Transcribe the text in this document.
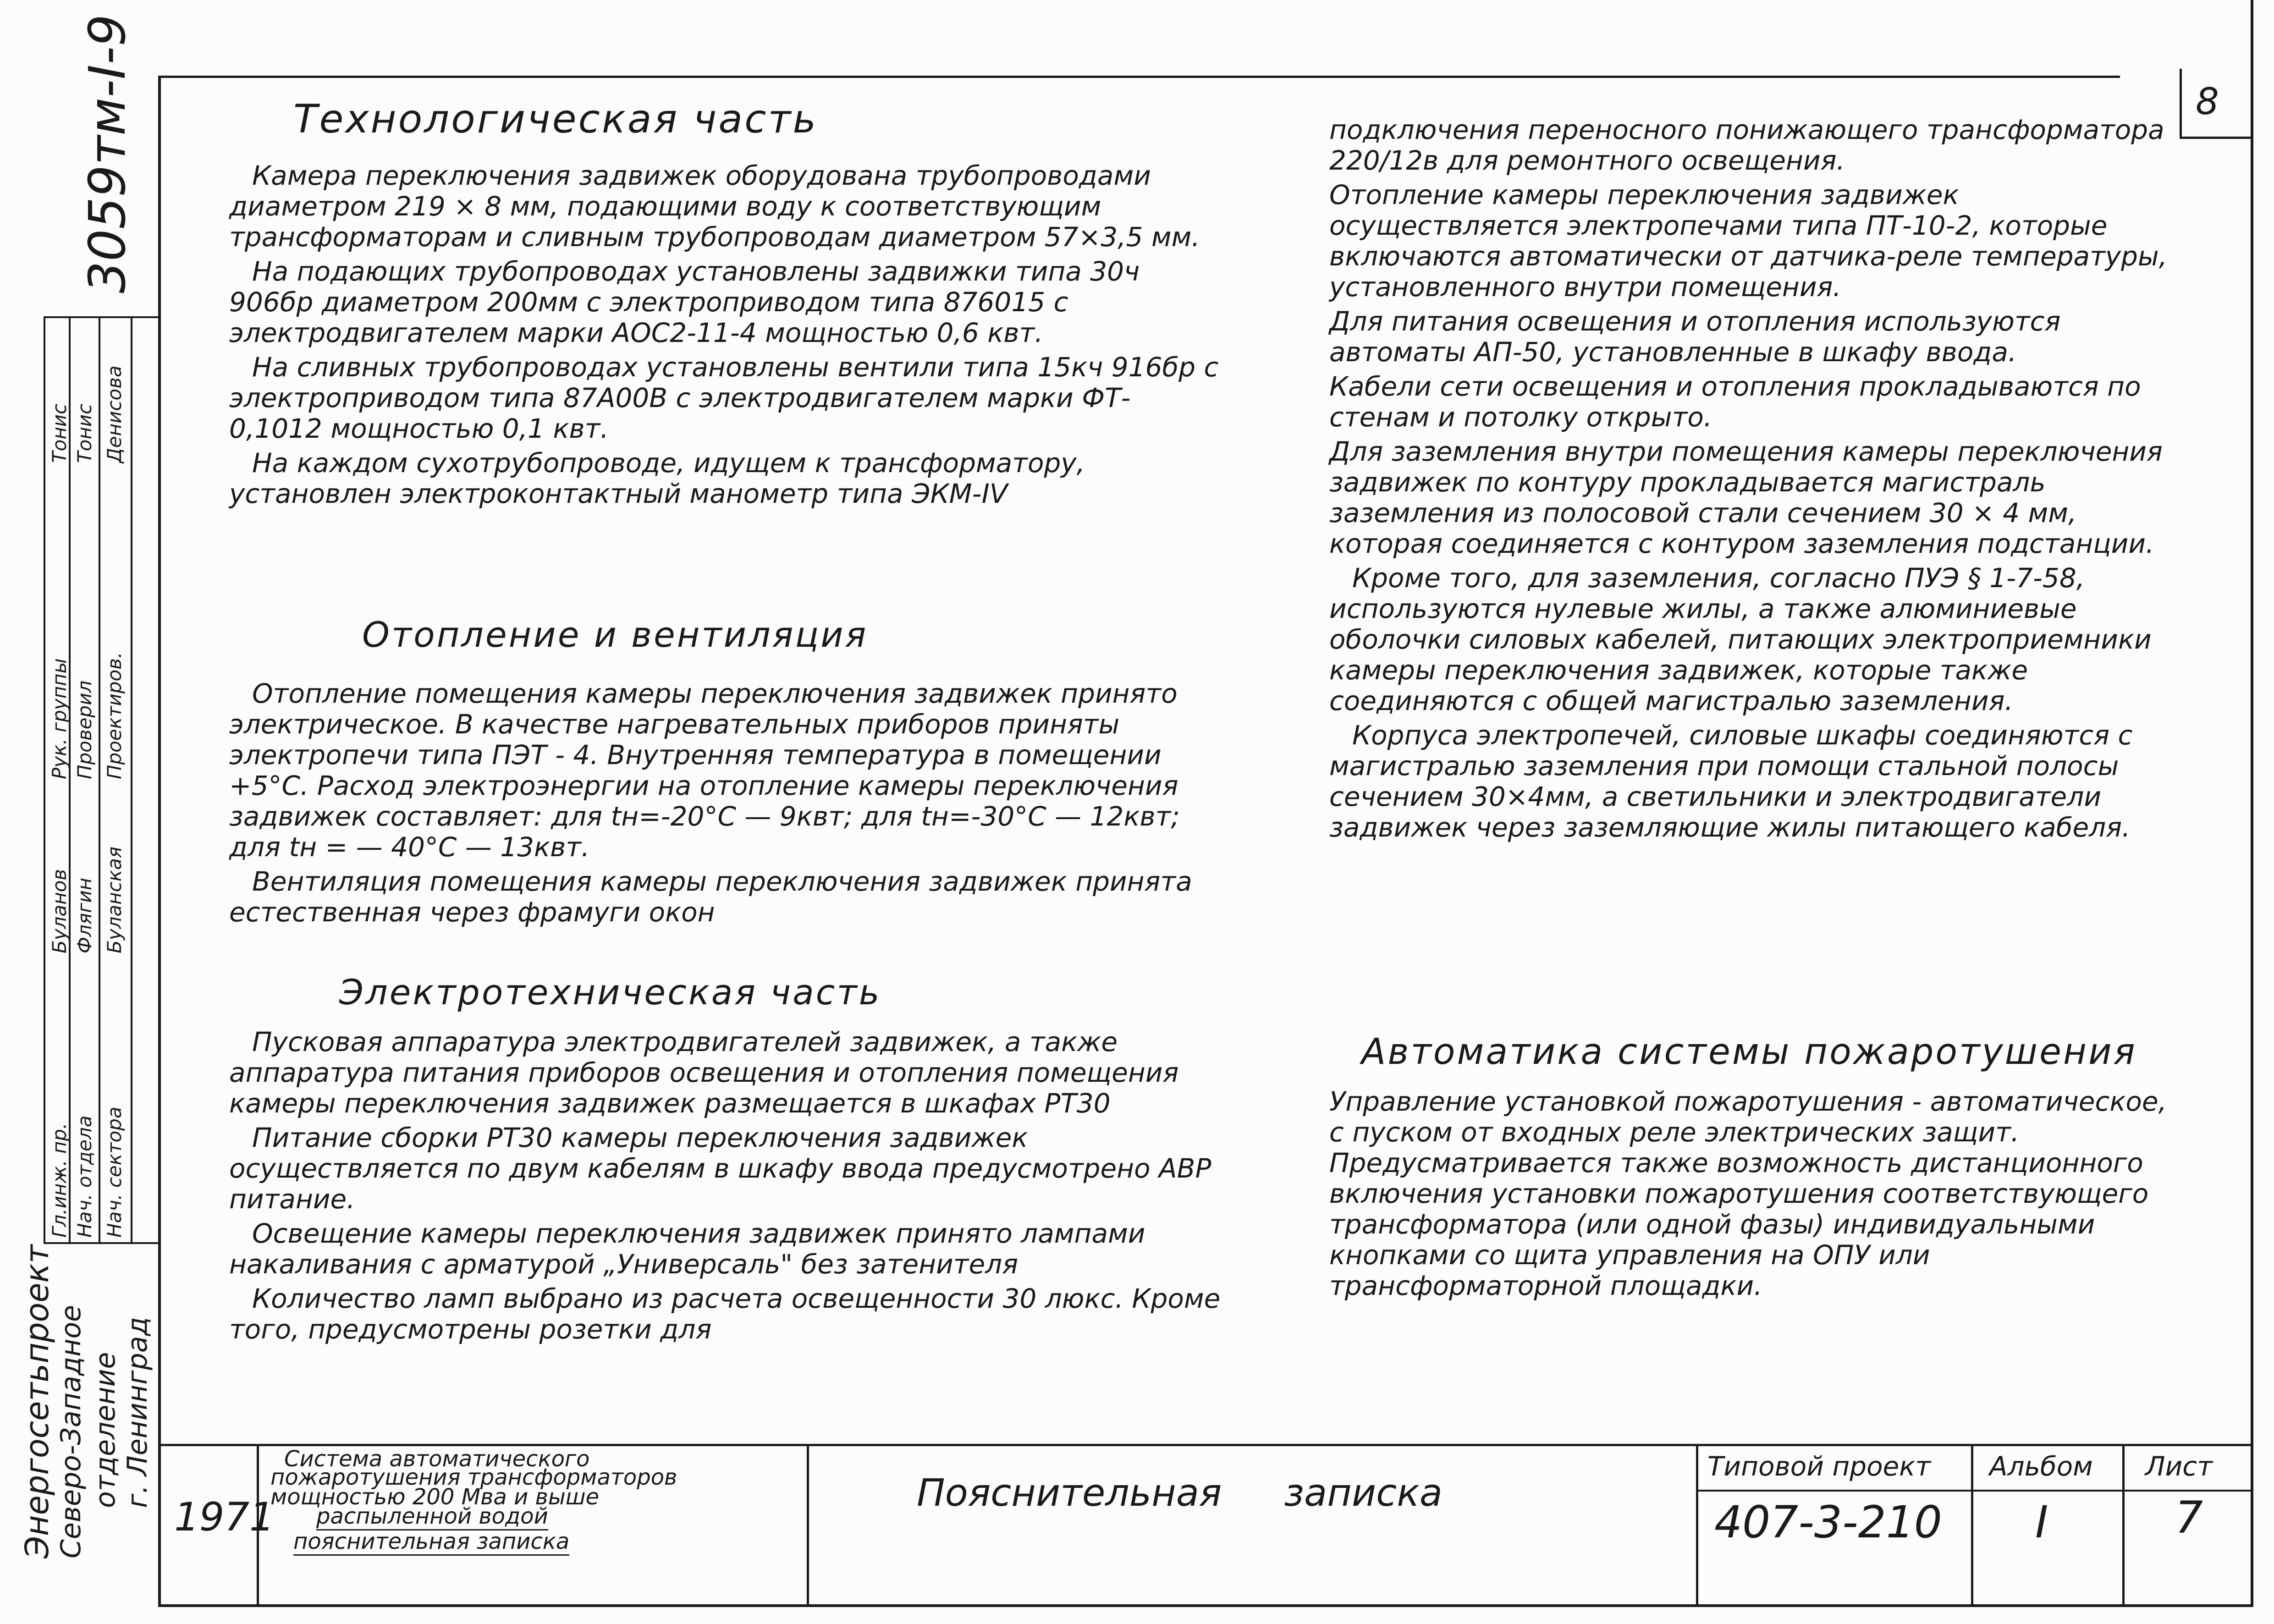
8
3059тм-I-9
Гл.инж. пр. Нач. отдела Нач. сектора
Рук. группы Проверил Проектиров.
Буланов Флягин Буланская
Тонис Тонис Денисова
Энергосетьпроект
Северо-Западное отделение г. Ленинград
Технологическая часть

Камера переключения задвижек оборудована трубопроводами диаметром 219 × 8 мм, подающими воду к соответствующим трансформаторам и сливным трубопроводам диаметром 57×3,5 мм.

На подающих трубопроводах установлены задвижки типа 30ч 906бр диаметром 200мм с электроприводом типа 876015 с электродвигателем марки АОС2-11-4 мощностью 0,6 квт.

На сливных трубопроводах установлены вентили типа 15кч 916бр с электроприводом типа 87А00В с электродвигателем марки ФТ- 0,1012 мощностью 0,1 квт.

На каждом сухотрубопроводе, идущем к трансформатору, установлен электроконтактный манометр типа ЭКМ-IV

Отопление и вентиляция

Отопление помещения камеры переключения задвижек принято электрическое. В качестве нагревательных приборов приняты электропечи типа ПЭТ - 4. Внутренняя температура в помещении +5°С. Расход электроэнергии на отопление камеры переключения задвижек составляет: для tн=-20°С — 9квт; для tн=-30°С — 12квт; для tн = — 40°С — 13квт.

Вентиляция помещения камеры переключения задвижек принята естественная через фрамуги окон

Электротехническая часть

Пусковая аппаратура электродвигателей задвижек, а также аппаратура питания приборов освещения и отопления помещения камеры переключения задвижек размещается в шкафах РТ30

Питание сборки РТ30 камеры переключения задвижек осуществляется по двум кабелям в шкафу ввода предусмотрено АВР питание.

Освещение камеры переключения задвижек принято лампами накаливания с арматурой „Универсаль" без затенителя

Количество ламп выбрано из расчета освещенности 30 люкс. Кроме того, предусмотрены розетки для

подключения переносного понижающего трансформатора 220/12в для ремонтного освещения.

Отопление камеры переключения задвижек осуществляется электропечами типа ПТ-10-2, которые включаются автоматически от датчика-реле температуры, установленного внутри помещения.

Для питания освещения и отопления используются автоматы АП-50, установленные в шкафу ввода.

Кабели сети освещения и отопления прокладываются по стенам и потолку открыто.

Для заземления внутри помещения камеры переключения задвижек по контуру прокладывается магистраль заземления из полосовой стали сечением 30 × 4 мм, которая соединяется с контуром заземления подстанции.

Кроме того, для заземления, согласно ПУЭ § 1-7-58, используются нулевые жилы, а также алюминиевые оболочки силовых кабелей, питающих электроприемники камеры переключения задвижек, которые также соединяются с общей магистралью заземления.

Корпуса электропечей, силовые шкафы соединяются с магистралью заземления при помощи стальной полосы сечением 30×4мм, а светильники и электродвигатели задвижек через заземляющие жилы питающего кабеля.

Автоматика системы пожаротушения

Управление установкой пожаротушения - автоматическое, с пуском от входных реле электрических защит. Предусматривается также возможность дистанционного включения установки пожаротушения соответствующего трансформатора (или одной фазы) индивидуальными кнопками со щита управления на ОПУ или трансформаторной площадки.

1971
Система автоматического
пожаротушения трансформаторов
мощностью 200 Мва и выше
распыленной водой
пояснительная записка
Пояснительная записка
Типовой проект
407-3-210
Альбом
I
Лист
7
